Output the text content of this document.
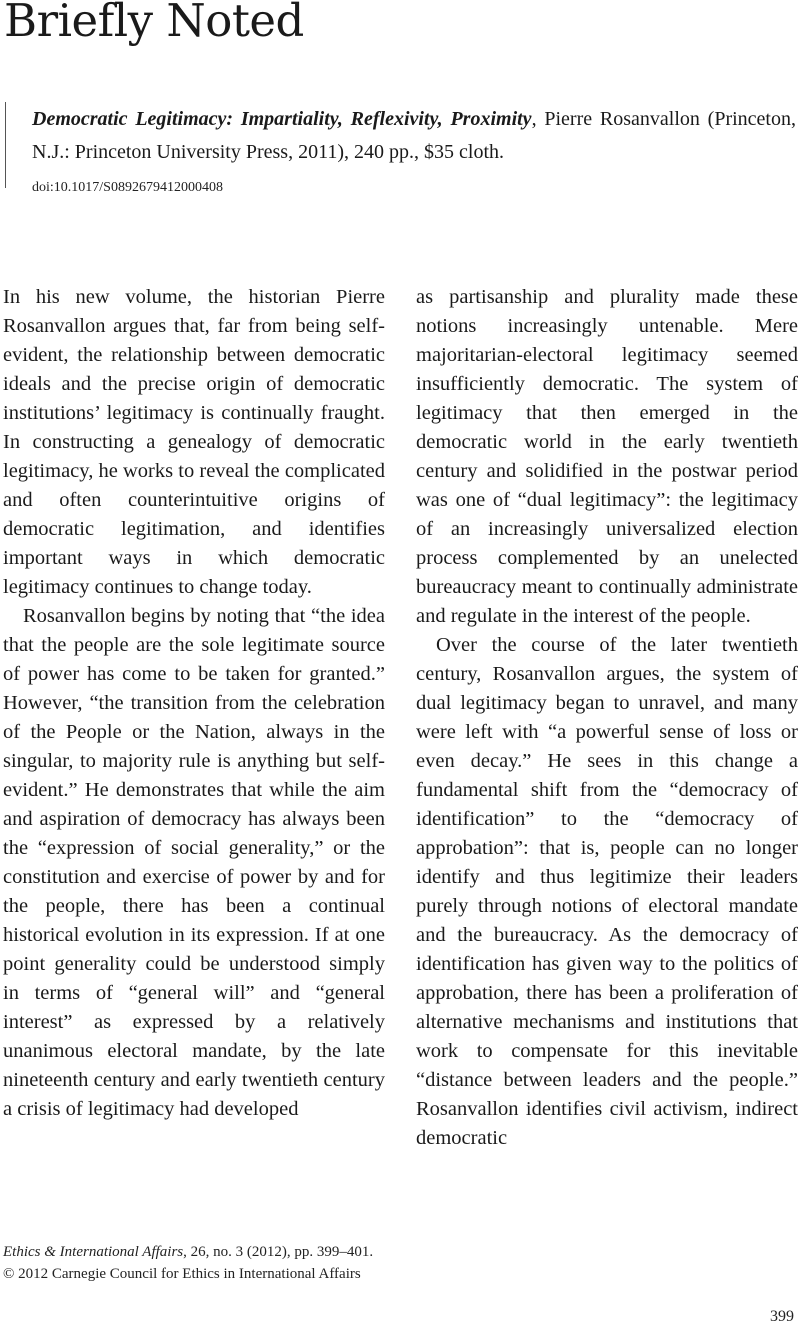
Briefly Noted
Democratic Legitimacy: Impartiality, Reflexivity, Proximity, Pierre Rosanvallon (Princeton, N.J.: Princeton University Press, 2011), 240 pp., $35 cloth.
doi:10.1017/S0892679412000408

In his new volume, the historian Pierre Rosanvallon argues that, far from being self-evident, the relationship between democratic ideals and the precise origin of democratic institutions’ legitimacy is continually fraught. In constructing a genealogy of democratic legitimacy, he works to reveal the complicated and often counterintuitive origins of democratic legitimation, and identifies important ways in which democratic legitimacy continues to change today.

Rosanvallon begins by noting that “the idea that the people are the sole legitimate source of power has come to be taken for granted.” However, “the transition from the celebration of the People or the Nation, always in the singular, to majority rule is anything but self-evident.” He demonstrates that while the aim and aspiration of democracy has always been the “expression of social generality,” or the constitution and exercise of power by and for the people, there has been a continual historical evolution in its expression. If at one point generality could be understood simply in terms of “general will” and “general interest” as expressed by a relatively unanimous electoral mandate, by the late nineteenth century and early twentieth century a crisis of legitimacy had developed

as partisanship and plurality made these notions increasingly untenable. Mere majoritarian-electoral legitimacy seemed insufficiently democratic. The system of legitimacy that then emerged in the democratic world in the early twentieth century and solidified in the postwar period was one of “dual legitimacy”: the legitimacy of an increasingly universalized election process complemented by an unelected bureaucracy meant to continually administrate and regulate in the interest of the people.

Over the course of the later twentieth century, Rosanvallon argues, the system of dual legitimacy began to unravel, and many were left with “a powerful sense of loss or even decay.” He sees in this change a fundamental shift from the “democracy of identification” to the “democracy of approbation”: that is, people can no longer identify and thus legitimize their leaders purely through notions of electoral mandate and the bureaucracy. As the democracy of identification has given way to the politics of approbation, there has been a proliferation of alternative mechanisms and institutions that work to compensate for this inevitable “distance between leaders and the people.” Rosanvallon identifies civil activism, indirect democratic

Ethics & International Affairs, 26, no. 3 (2012), pp. 399–401.
© 2012 Carnegie Council for Ethics in International Affairs
399
